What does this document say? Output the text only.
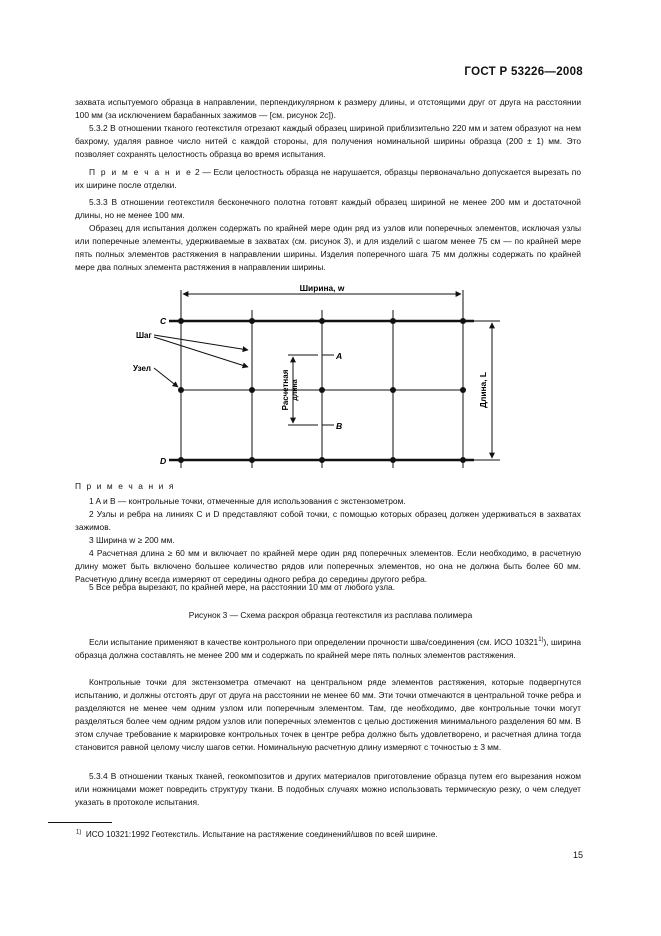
ГОСТ Р 53226—2008
захвата испытуемого образца в направлении, перпендикулярном к размеру длины, и отстоящими друг от друга на расстоянии 100 мм (за исключением барабанных зажимов — [см. рисунок 2с]).
5.3.2 В отношении тканого геотекстиля отрезают каждый образец шириной приблизительно 220 мм и затем образуют на нем бахрому, удаляя равное число нитей с каждой стороны, для получения номинальной ширины образца (200 ± 1) мм. Это позволяет сохранять целостность образца во время испытания.
П р и м е ч а н и е 2 — Если целостность образца не нарушается, образцы первоначально допускается вырезать по их ширине после отделки.
5.3.3 В отношении геотекстиля бесконечного полотна готовят каждый образец шириной не менее 200 мм и достаточной длины, но не менее 100 мм.
Образец для испытания должен содержать по крайней мере один ряд из узлов или поперечных элементов, исключая узлы или поперечные элементы, удерживаемые в захватах (см. рисунок 3), и для изделий с шагом менее 75 см — по крайней мере пять полных элементов растяжения в направлении ширины. Изделия поперечного шага 75 мм должны содержать по крайней мере два полных элемента растяжения в направлении ширины.
Ширина, w
Длина, L
A
B
Расчетная длина
C
D
Шаг
Узел
П р и м е ч а н и я
1 A и B — контрольные точки, отмеченные для использования с экстензометром.
2 Узлы и ребра на линиях C и D представляют собой точки, с помощью которых образец должен удерживаться в захватах зажимов.
3 Ширина w ≥ 200 мм.
4 Расчетная длина ≥ 60 мм и включает по крайней мере один ряд поперечных элементов. Если необходимо, в расчетную длину может быть включено большее количество рядов или поперечных элементов, но она не должна быть более 60 мм. Расчетную длину всегда измеряют от середины одного ребра до середины другого ребра.
5 Все ребра вырезают, по крайней мере, на расстоянии 10 мм от любого узла.
Рисунок 3 — Схема раскроя образца геотекстиля из расплава полимера
Если испытание применяют в качестве контрольного при определении прочности шва/соединения (см. ИСО 10321$^{1)}$), ширина образца должна составлять не менее 200 мм и содержать по крайней мере пять полных элементов растяжения.
Контрольные точки для экстензометра отмечают на центральном ряде элементов растяжения, которые подвергнутся испытанию, и должны отстоять друг от друга на расстоянии не менее 60 мм. Эти точки отмечаются в центральной точке ребра и разделяются не менее чем одним узлом или поперечным элементом. Там, где необходимо, две контрольные точки могут разделяться более чем одним рядом узлов или поперечных элементов с целью достижения минимального разделения 60 мм. В этом случае требование к маркировке контрольных точек в центре ребра должно быть удовлетворено, и расчетная длина тогда становится равной целому числу шагов сетки. Номинальную расчетную длину измеряют с точностью ± 3 мм.
5.3.4 В отношении тканых тканей, геокомпозитов и других материалов приготовление образца путем его вырезания ножом или ножницами может повредить структуру ткани. В подобных случаях можно использовать термическую резку, о чем следует указать в протоколе испытания.
$^{1)}$ ИСО 10321:1992 Геотекстиль. Испытание на растяжение соединений/швов по всей ширине.
15
